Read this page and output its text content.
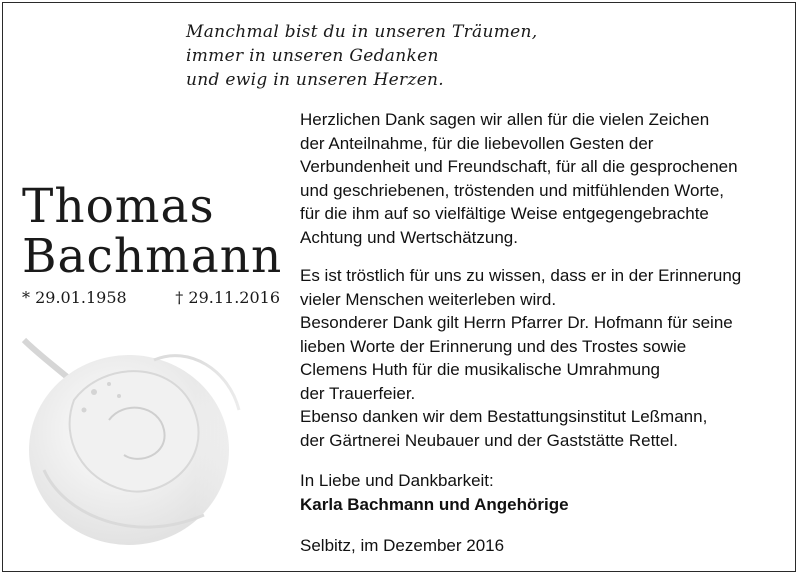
Manchmal bist du in unseren Träumen,
immer in unseren Gedanken
und ewig in unseren Herzen.
Thomas
Bachmann
* 29.01.1958	† 29.11.2016
Herzlichen Dank sagen wir allen für die vielen Zeichen
der Anteilnahme, für die liebevollen Gesten der
Verbundenheit und Freundschaft, für all die gesprochenen
und geschriebenen, tröstenden und mitfühlenden Worte,
für die ihm auf so vielfältige Weise entgegengebrachte
Achtung und Wertschätzung.
Es ist tröstlich für uns zu wissen, dass er in der Erinnerung
vieler Menschen weiterleben wird.
Besonderer Dank gilt Herrn Pfarrer Dr. Hofmann für seine
lieben Worte der Erinnerung und des Trostes sowie
Clemens Huth für die musikalische Umrahmung
der Trauerfeier.
Ebenso danken wir dem Bestattungsinstitut Leßmann,
der Gärtnerei Neubauer und der Gaststätte Rettel.
In Liebe und Dankbarkeit:
Karla Bachmann und Angehörige
Selbitz, im Dezember 2016
